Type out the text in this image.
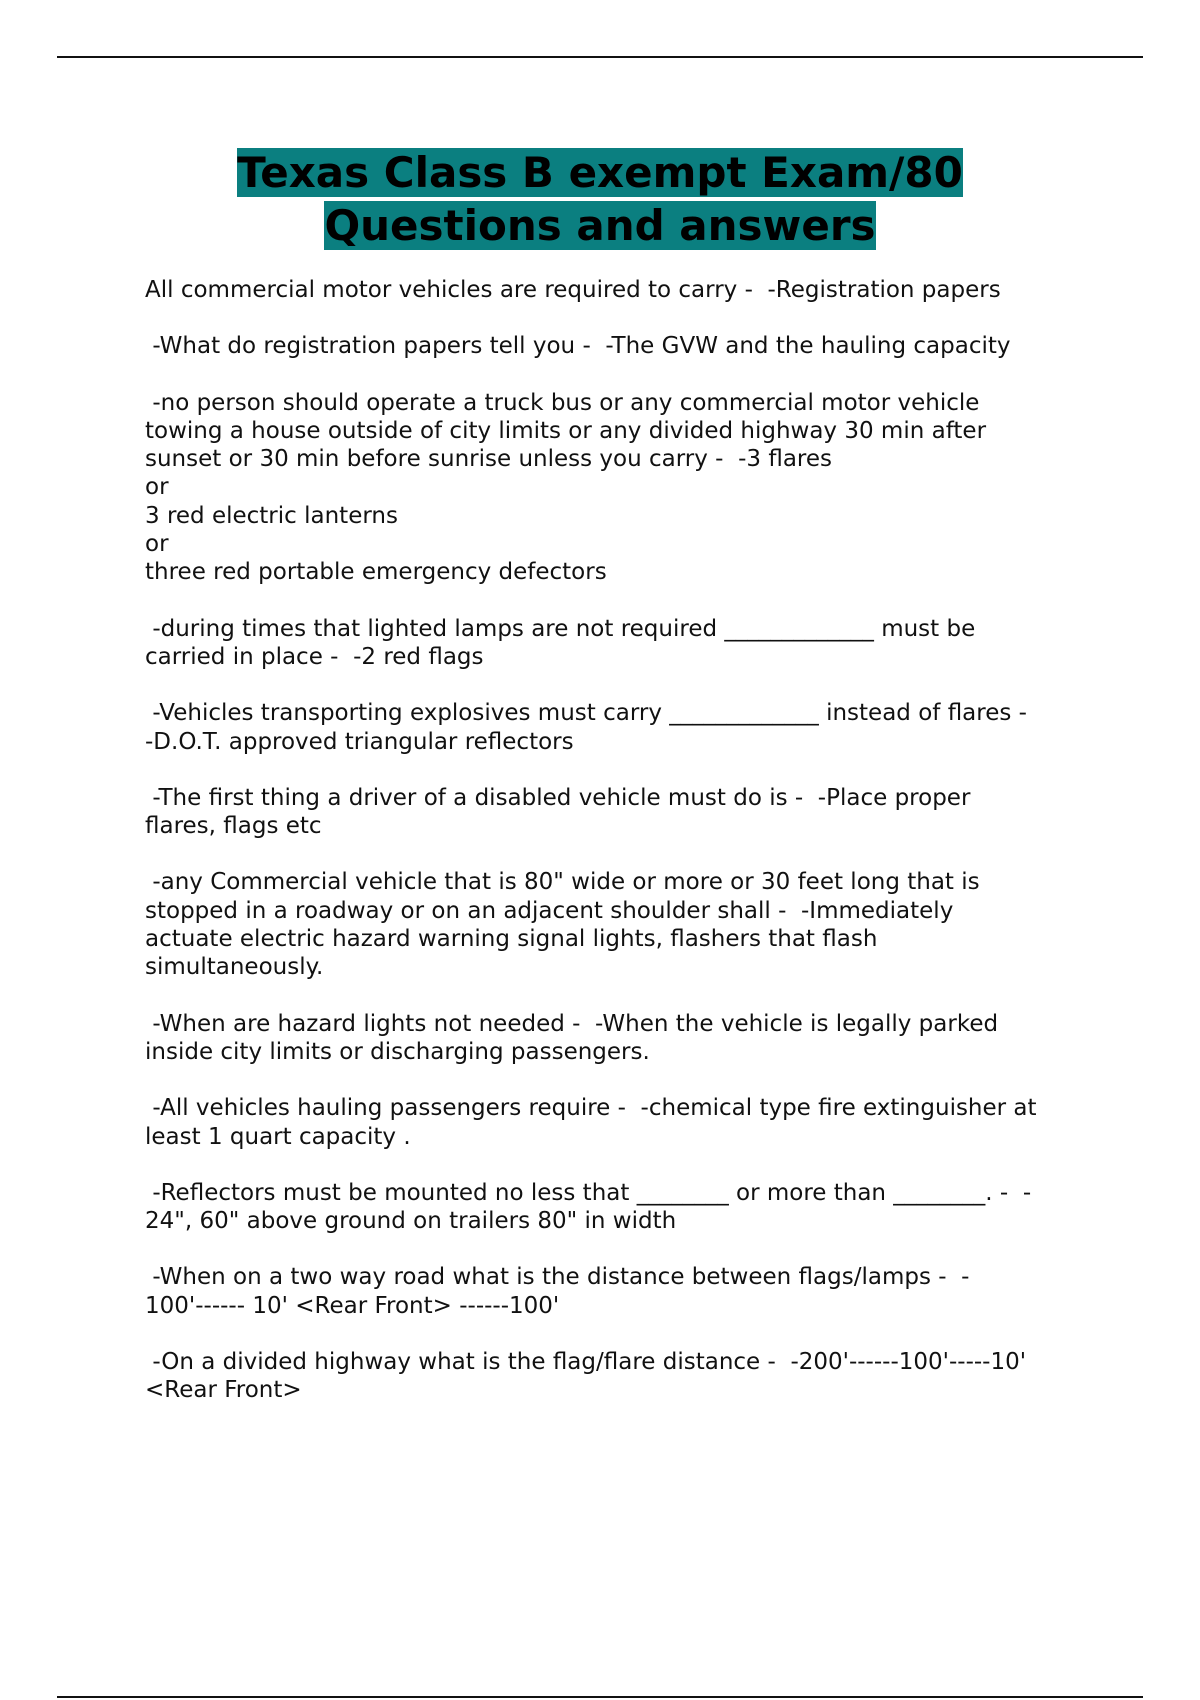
Texas Class B exempt Exam/80
Questions and answers

All commercial motor vehicles are required to carry -  -Registration papers

-What do registration papers tell you -  -The GVW and the hauling capacity

-no person should operate a truck bus or any commercial motor vehicle
towing a house outside of city limits or any divided highway 30 min after
sunset or 30 min before sunrise unless you carry -  -3 flares
or
3 red electric lanterns
or
three red portable emergency defectors

-during times that lighted lamps are not required _____________ must be
carried in place -  -2 red flags

-Vehicles transporting explosives must carry _____________ instead of flares -
-D.O.T. approved triangular reflectors

-The first thing a driver of a disabled vehicle must do is -  -Place proper
flares, flags etc

-any Commercial vehicle that is 80" wide or more or 30 feet long that is
stopped in a roadway or on an adjacent shoulder shall -  -Immediately
actuate electric hazard warning signal lights, flashers that flash
simultaneously.

-When are hazard lights not needed -  -When the vehicle is legally parked
inside city limits or discharging passengers.

-All vehicles hauling passengers require -  -chemical type fire extinguisher at
least 1 quart capacity .

-Reflectors must be mounted no less that ________ or more than ________. -  -
24", 60" above ground on trailers 80" in width

-When on a two way road what is the distance between flags/lamps -  -
100'------ 10' <Rear Front> ------100'

-On a divided highway what is the flag/flare distance -  -200'------100'-----10'
<Rear Front>
